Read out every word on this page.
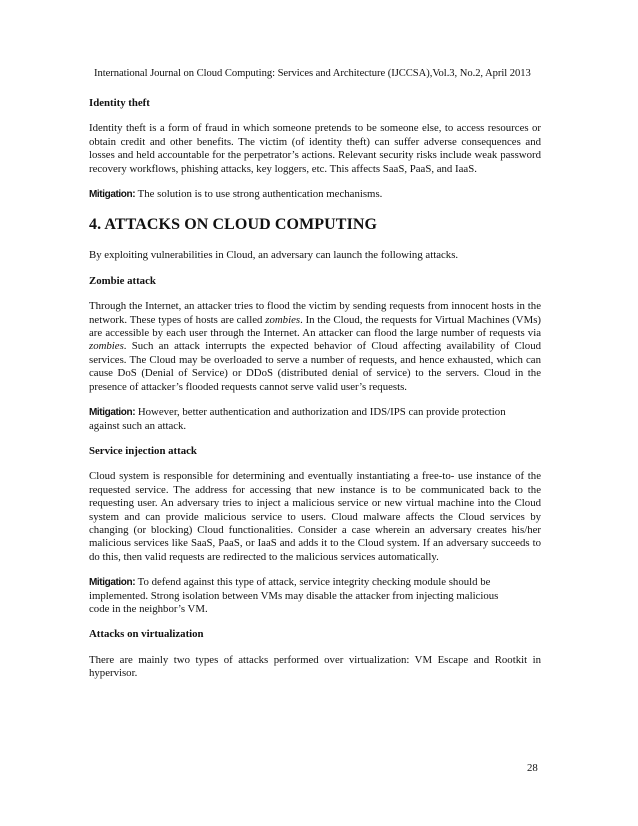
International Journal on Cloud Computing: Services and Architecture (IJCCSA),Vol.3, No.2, April 2013
Identity theft

Identity theft is a form of fraud in which someone pretends to be someone else, to access resources or obtain credit and other benefits. The victim (of identity theft) can suffer adverse consequences and losses and held accountable for the perpetrator’s actions. Relevant security risks include weak password recovery workflows, phishing attacks, key loggers, etc. This affects SaaS, PaaS, and IaaS.

Mitigation: The solution is to use strong authentication mechanisms.

4. ATTACKS ON CLOUD COMPUTING

By exploiting vulnerabilities in Cloud, an adversary can launch the following attacks.

Zombie attack

Through the Internet, an attacker tries to flood the victim by sending requests from innocent hosts in the network. These types of hosts are called zombies. In the Cloud, the requests for Virtual Machines (VMs) are accessible by each user through the Internet. An attacker can flood the large number of requests via zombies. Such an attack interrupts the expected behavior of Cloud affecting availability of Cloud services. The Cloud may be overloaded to serve a number of requests, and hence exhausted, which can cause DoS (Denial of Service) or DDoS (distributed denial of service) to the servers. Cloud in the presence of attacker’s flooded requests cannot serve valid user’s requests.

Mitigation: However, better authentication and authorization and IDS/IPS can provide protection
against such an attack.

Service injection attack

Cloud system is responsible for determining and eventually instantiating a free-to- use instance of the requested service. The address for accessing that new instance is to be communicated back to the requesting user. An adversary tries to inject a malicious service or new virtual machine into the Cloud system and can provide malicious service to users. Cloud malware affects the Cloud services by changing (or blocking) Cloud functionalities. Consider a case wherein an adversary creates his/her malicious services like SaaS, PaaS, or IaaS and adds it to the Cloud system. If an adversary succeeds to do this, then valid requests are redirected to the malicious services automatically.

Mitigation: To defend against this type of attack, service integrity checking module should be
implemented. Strong isolation between VMs may disable the attacker from injecting malicious
code in the neighbor’s VM.

Attacks on virtualization

There are mainly two types of attacks performed over virtualization: VM Escape and Rootkit in hypervisor.

28
